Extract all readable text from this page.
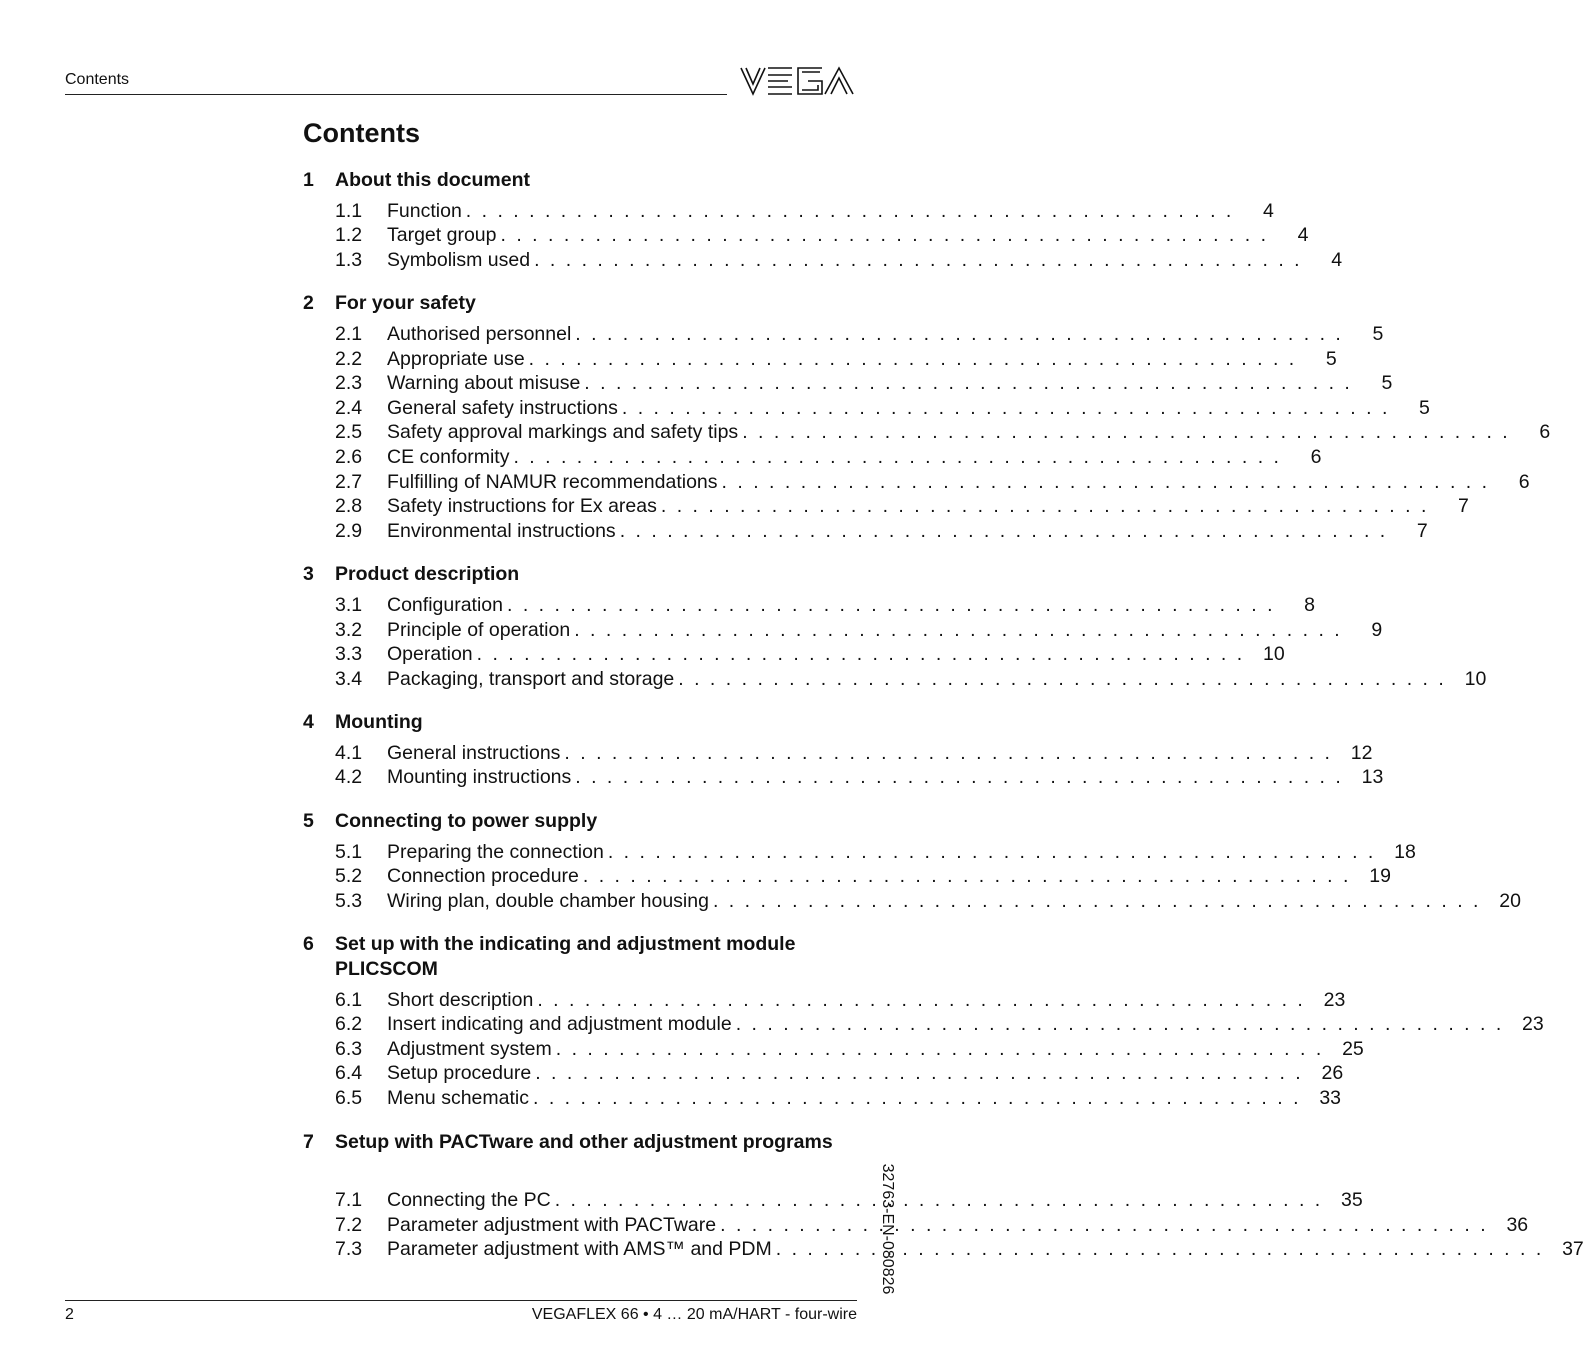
Contents
Contents
1	About this document
1.1	Function . . . . . . . . . . . . . . . . . . . . . . . . . . . . . . . . . . . . . . . . . . . . . . . . .	4
1.2	Target group . . . . . . . . . . . . . . . . . . . . . . . . . . . . . . . . . . . . . . . . . . . . . . . . .	4
1.3	Symbolism used . . . . . . . . . . . . . . . . . . . . . . . . . . . . . . . . . . . . . . . . . . . . . . . . .	4
2	For your safety
2.1	Authorised personnel . . . . . . . . . . . . . . . . . . . . . . . . . . . . . . . . . . . . . . . . . . . . . . . . .	5
2.2	Appropriate use . . . . . . . . . . . . . . . . . . . . . . . . . . . . . . . . . . . . . . . . . . . . . . . . .	5
2.3	Warning about misuse . . . . . . . . . . . . . . . . . . . . . . . . . . . . . . . . . . . . . . . . . . . . . . . . .	5
2.4	General safety instructions . . . . . . . . . . . . . . . . . . . . . . . . . . . . . . . . . . . . . . . . . . . . . . . . .	5
2.5	Safety approval markings and safety tips . . . . . . . . . . . . . . . . . . . . . . . . . . . . . . . . . . . . . . . . . . . . . . . . .	6
2.6	CE conformity . . . . . . . . . . . . . . . . . . . . . . . . . . . . . . . . . . . . . . . . . . . . . . . . .	6
2.7	Fulfilling of NAMUR recommendations . . . . . . . . . . . . . . . . . . . . . . . . . . . . . . . . . . . . . . . . . . . . . . . . .	6
2.8	Safety instructions for Ex areas . . . . . . . . . . . . . . . . . . . . . . . . . . . . . . . . . . . . . . . . . . . . . . . . .	7
2.9	Environmental instructions . . . . . . . . . . . . . . . . . . . . . . . . . . . . . . . . . . . . . . . . . . . . . . . . .	7
3	Product description
3.1	Configuration . . . . . . . . . . . . . . . . . . . . . . . . . . . . . . . . . . . . . . . . . . . . . . . . .	8
3.2	Principle of operation . . . . . . . . . . . . . . . . . . . . . . . . . . . . . . . . . . . . . . . . . . . . . . . . .	9
3.3	Operation . . . . . . . . . . . . . . . . . . . . . . . . . . . . . . . . . . . . . . . . . . . . . . . . . 10
3.4	Packaging, transport and storage . . . . . . . . . . . . . . . . . . . . . . . . . . . . . . . . . . . . . . . . . . . . . . . . . 10
4	Mounting
4.1	General instructions . . . . . . . . . . . . . . . . . . . . . . . . . . . . . . . . . . . . . . . . . . . . . . . . . 12
4.2	Mounting instructions . . . . . . . . . . . . . . . . . . . . . . . . . . . . . . . . . . . . . . . . . . . . . . . . . 13
5	Connecting to power supply
5.1	Preparing the connection . . . . . . . . . . . . . . . . . . . . . . . . . . . . . . . . . . . . . . . . . . . . . . . . . 18
5.2	Connection procedure . . . . . . . . . . . . . . . . . . . . . . . . . . . . . . . . . . . . . . . . . . . . . . . . . 19
5.3	Wiring plan, double chamber housing . . . . . . . . . . . . . . . . . . . . . . . . . . . . . . . . . . . . . . . . . . . . . . . . . 20
6	Set up with the indicating and adjustment module PLICSCOM
6.1	Short description . . . . . . . . . . . . . . . . . . . . . . . . . . . . . . . . . . . . . . . . . . . . . . . . . 23
6.2	Insert indicating and adjustment module . . . . . . . . . . . . . . . . . . . . . . . . . . . . . . . . . . . . . . . . . . . . . . . . . 23
6.3	Adjustment system . . . . . . . . . . . . . . . . . . . . . . . . . . . . . . . . . . . . . . . . . . . . . . . . . 25
6.4	Setup procedure . . . . . . . . . . . . . . . . . . . . . . . . . . . . . . . . . . . . . . . . . . . . . . . . . 26
6.5	Menu schematic . . . . . . . . . . . . . . . . . . . . . . . . . . . . . . . . . . . . . . . . . . . . . . . . . 33
7	Setup with PACTware and other adjustment programs
7.1	Connecting the PC . . . . . . . . . . . . . . . . . . . . . . . . . . . . . . . . . . . . . . . . . . . . . . . . . 35
7.2	Parameter adjustment with PACTware . . . . . . . . . . . . . . . . . . . . . . . . . . . . . . . . . . . . . . . . . . . . . . . . . 36
7.3	Parameter adjustment with AMS™ and PDM . . . . . . . . . . . . . . . . . . . . . . . . . . . . . . . . . . . . . . . . . . . . . . . . . 37
32763-EN-080826
2	VEGAFLEX 66 • 4 … 20 mA/HART - four-wire
